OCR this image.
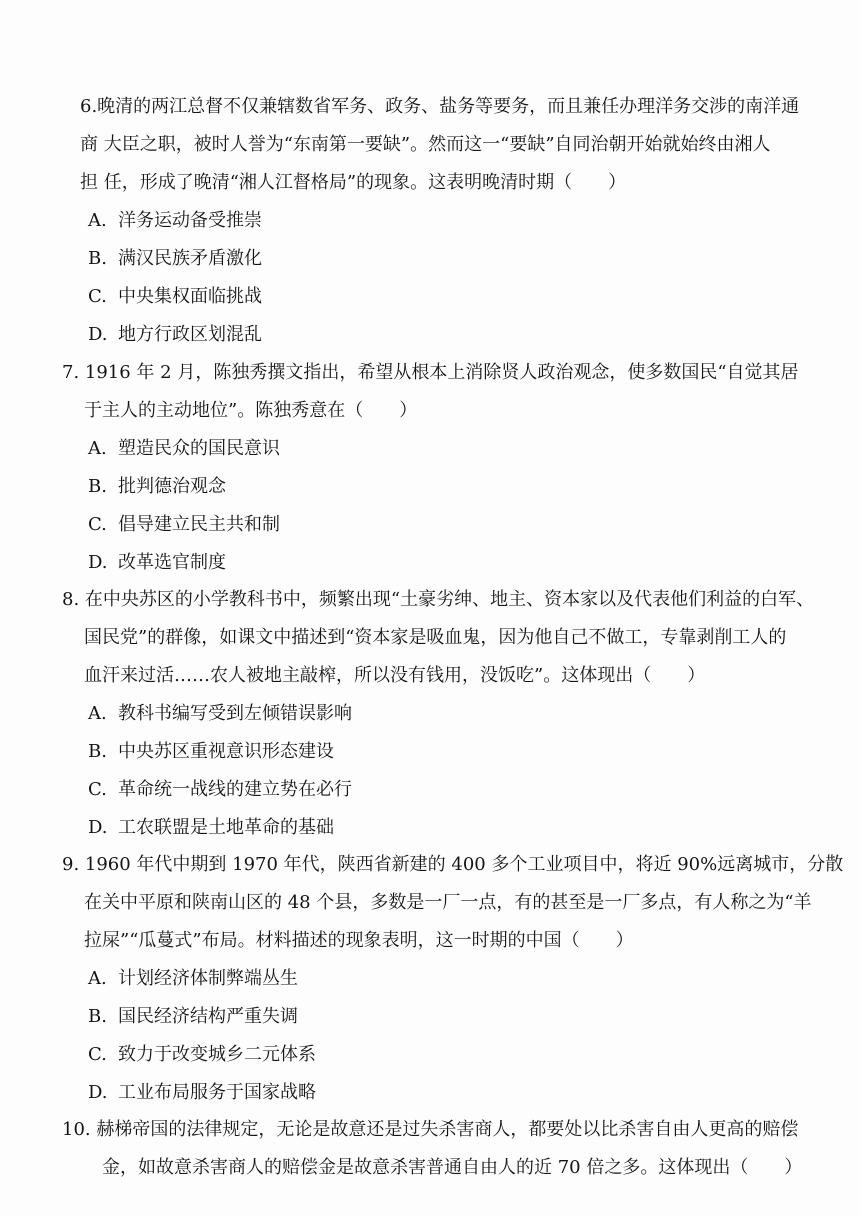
6.晚清的两江总督不仅兼辖数省军务、政务、盐务等要务，而且兼任办理洋务交涉的南洋通
商 大臣之职，被时人誉为“东南第一要缺”。然而这一“要缺”自同治朝开始就始终由湘人
担 任，形成了晚清“湘人江督格局”的现象。这表明晚清时期（　　）
A. 洋务运动备受推崇
B. 满汉民族矛盾激化
C. 中央集权面临挑战
D. 地方行政区划混乱
7. 1916 年 2 月，陈独秀撰文指出，希望从根本上消除贤人政治观念，使多数国民“自觉其居
于主人的主动地位”。陈独秀意在（　　）
A. 塑造民众的国民意识
B. 批判德治观念
C. 倡导建立民主共和制
D. 改革选官制度
8. 在中央苏区的小学教科书中，频繁出现“土豪劣绅、地主、资本家以及代表他们利益的白军、
国民党”的群像，如课文中描述到“资本家是吸血鬼，因为他自己不做工，专靠剥削工人的
血汗来过活……农人被地主敲榨，所以没有钱用，没饭吃”。这体现出（　　）
A. 教科书编写受到左倾错误影响
B. 中央苏区重视意识形态建设
C. 革命统一战线的建立势在必行
D. 工农联盟是土地革命的基础
9. 1960 年代中期到 1970 年代，陕西省新建的 400 多个工业项目中，将近 90%远离城市，分散
在关中平原和陕南山区的 48 个县，多数是一厂一点，有的甚至是一厂多点，有人称之为“羊
拉屎”“瓜蔓式”布局。材料描述的现象表明，这一时期的中国（　　）
A. 计划经济体制弊端丛生
B. 国民经济结构严重失调
C. 致力于改变城乡二元体系
D. 工业布局服务于国家战略
10. 赫梯帝国的法律规定，无论是故意还是过失杀害商人，都要处以比杀害自由人更高的赔偿
金，如故意杀害商人的赔偿金是故意杀害普通自由人的近 70 倍之多。这体现出（　　）
